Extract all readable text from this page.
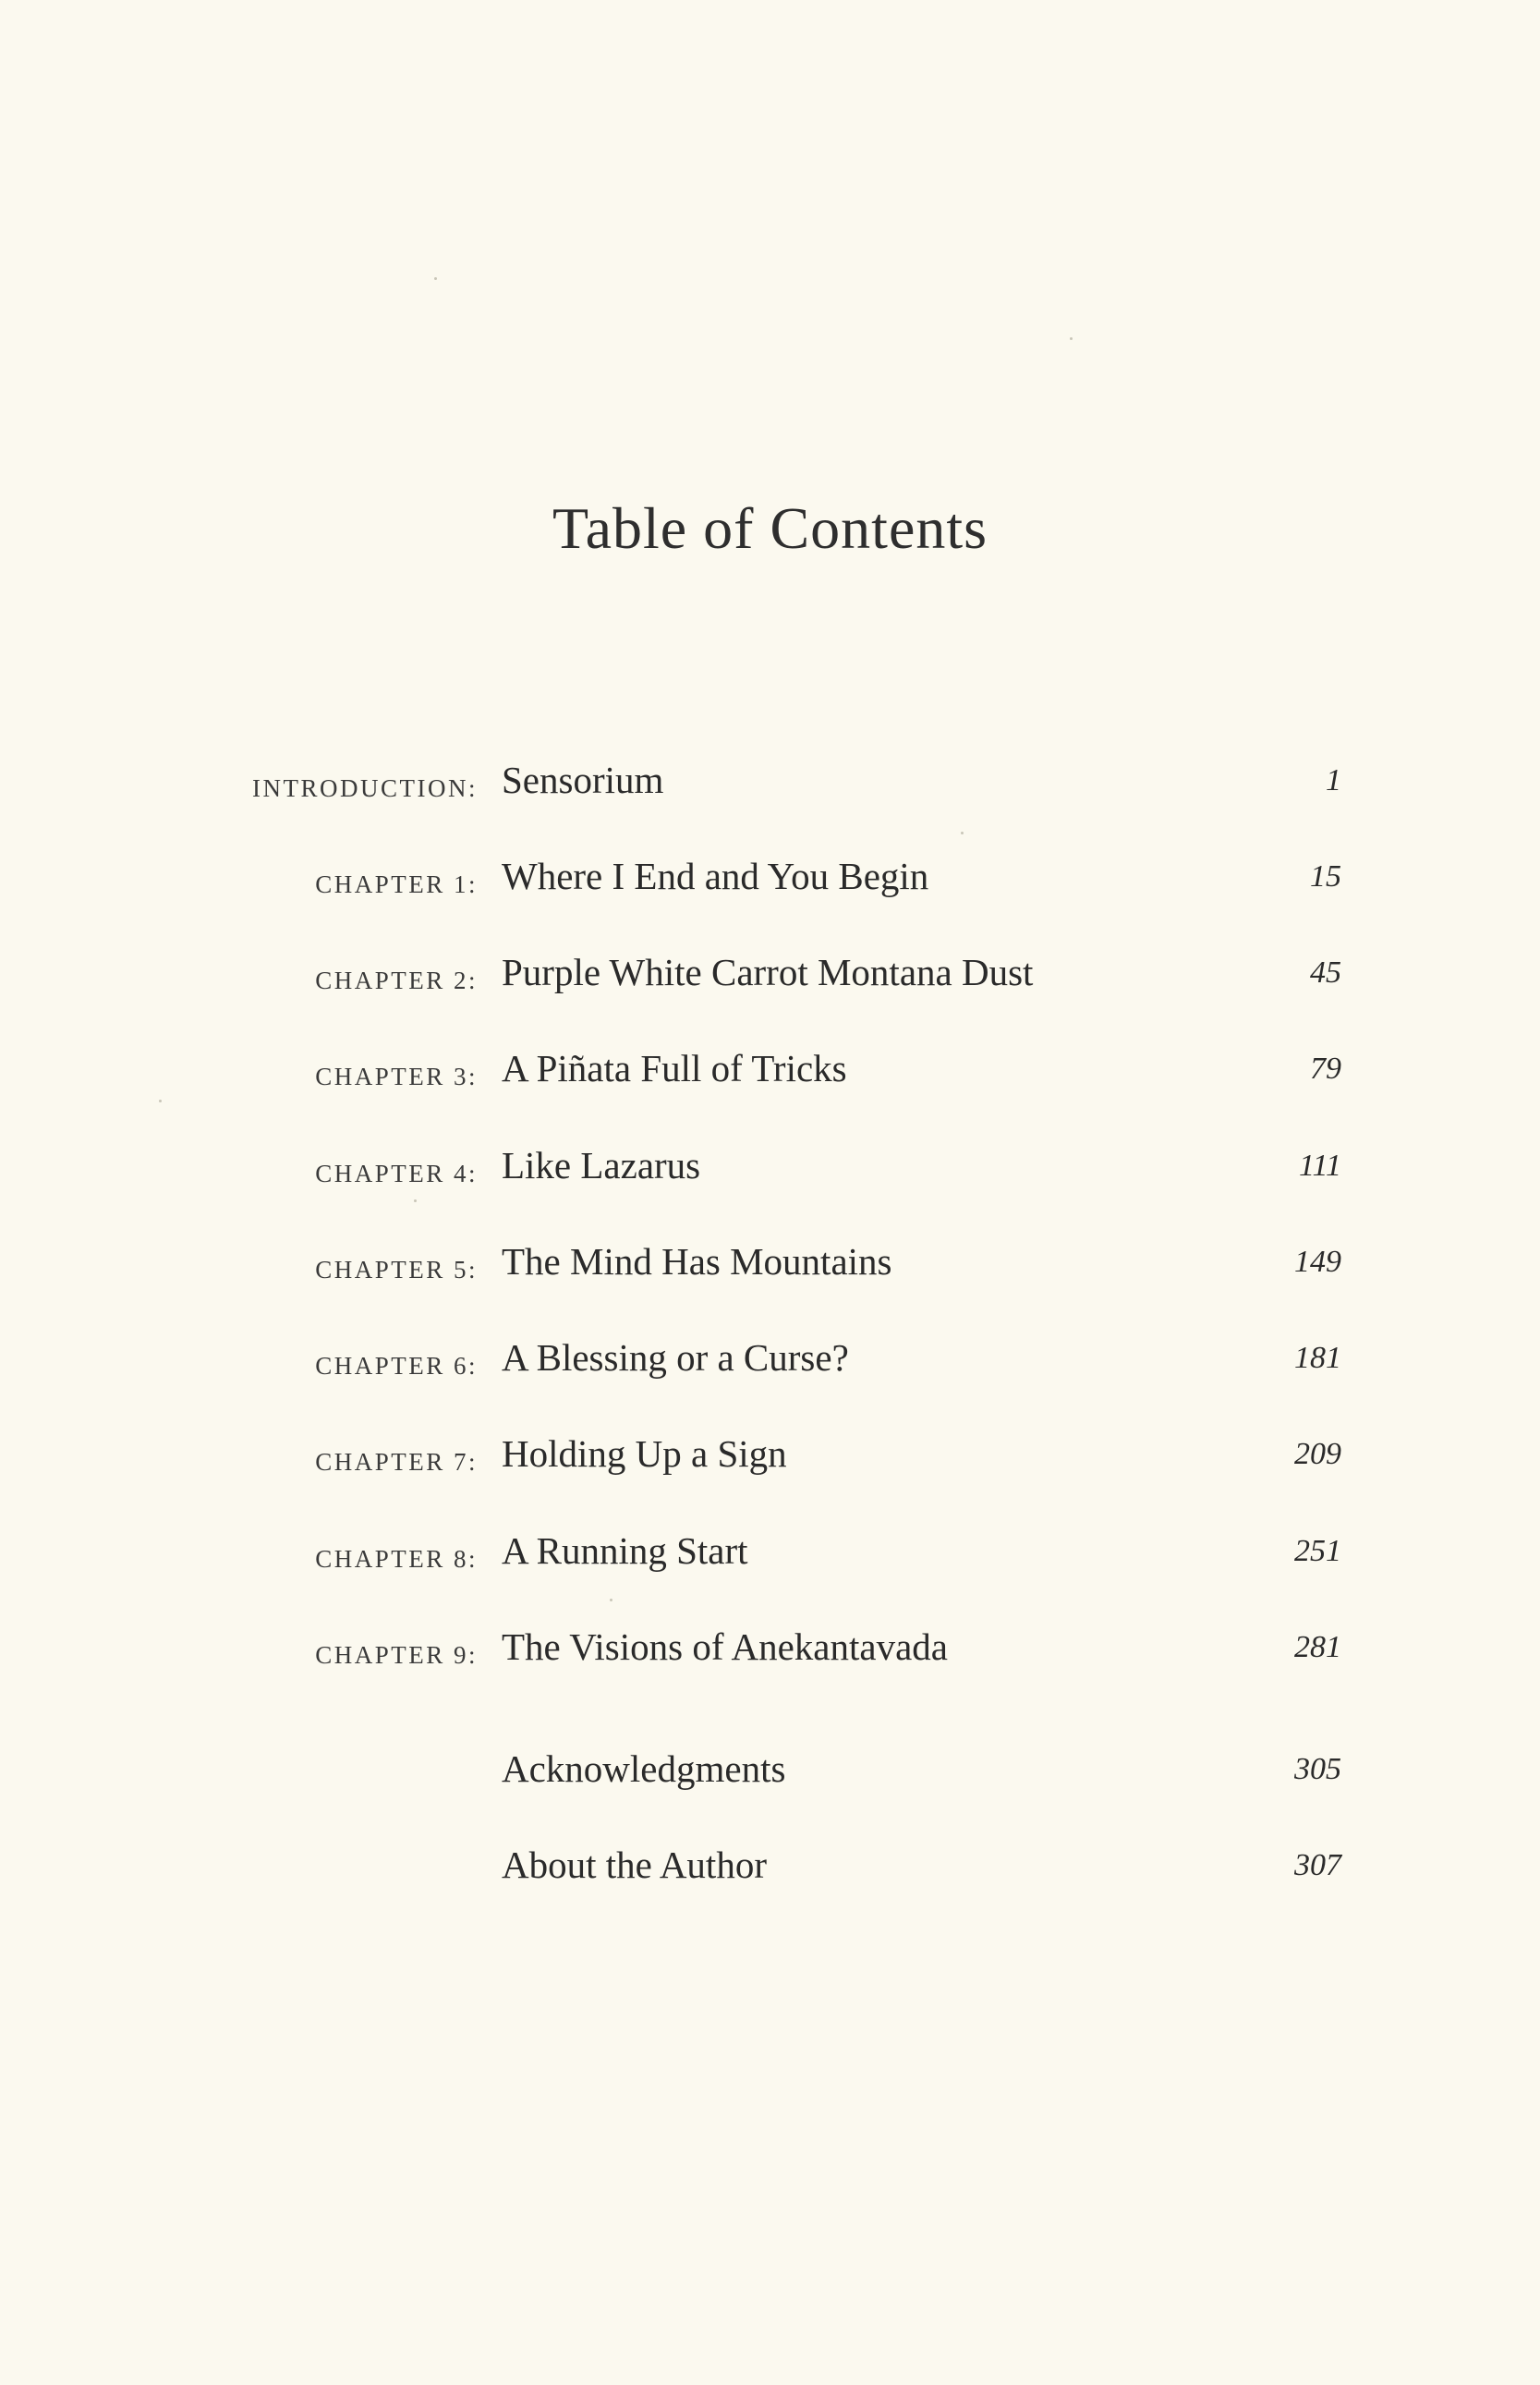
Table of Contents
INTRODUCTION: Sensorium	1
CHAPTER 1: Where I End and You Begin	15
CHAPTER 2: Purple White Carrot Montana Dust	45
CHAPTER 3: A Piñata Full of Tricks	79
CHAPTER 4: Like Lazarus	111
CHAPTER 5: The Mind Has Mountains	149
CHAPTER 6: A Blessing or a Curse?	181
CHAPTER 7: Holding Up a Sign	209
CHAPTER 8: A Running Start	251
CHAPTER 9: The Visions of Anekantavada	281
Acknowledgments	305
About the Author	307
